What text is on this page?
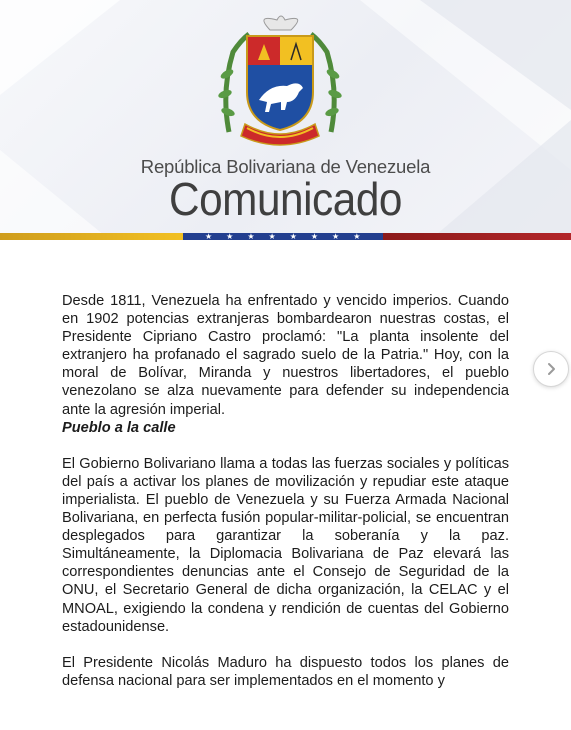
República Bolivariana de Venezuela
Comunicado
★★★★★★★★

Desde 1811, Venezuela ha enfrentado y vencido imperios. Cuando en 1902 potencias extranjeras bombardearon nuestras costas, el Presidente Cipriano Castro proclamó: "La planta insolente del extranjero ha profanado el sagrado suelo de la Patria." Hoy, con la moral de Bolívar, Miranda y nuestros libertadores, el pueblo venezolano se alza nuevamente para defender su independencia ante la agresión imperial.

Pueblo a la calle

El Gobierno Bolivariano llama a todas las fuerzas sociales y políticas del país a activar los planes de movilización y repudiar este ataque imperialista. El pueblo de Venezuela y su Fuerza Armada Nacional Bolivariana, en perfecta fusión popular-militar-policial, se encuentran desplegados para garantizar la soberanía y la paz. Simultáneamente, la Diplomacia Bolivariana de Paz elevará las correspondientes denuncias ante el Consejo de Seguridad de la ONU, el Secretario General de dicha organización, la CELAC y el MNOAL, exigiendo la condena y rendición de cuentas del Gobierno estadounidense.

El Presidente Nicolás Maduro ha dispuesto todos los planes de defensa nacional para ser implementados en el momento y
